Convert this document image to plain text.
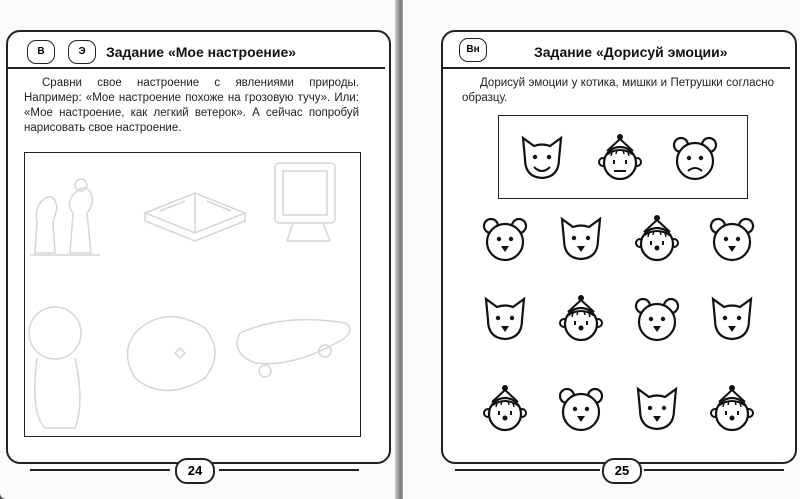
В	Э	Задание «Мое настроение»
Сравни свое настроение с явлениями природы. Например: «Мое настроение похоже на грозовую тучу». Или: «Мое настроение, как легкий ветерок». А сейчас попробуй нарисовать свое настроение.
24
Вн	Задание «Дорисуй эмоции»
Дорисуй эмоции у котика, мишки и Петрушки согласно образцу.
25
